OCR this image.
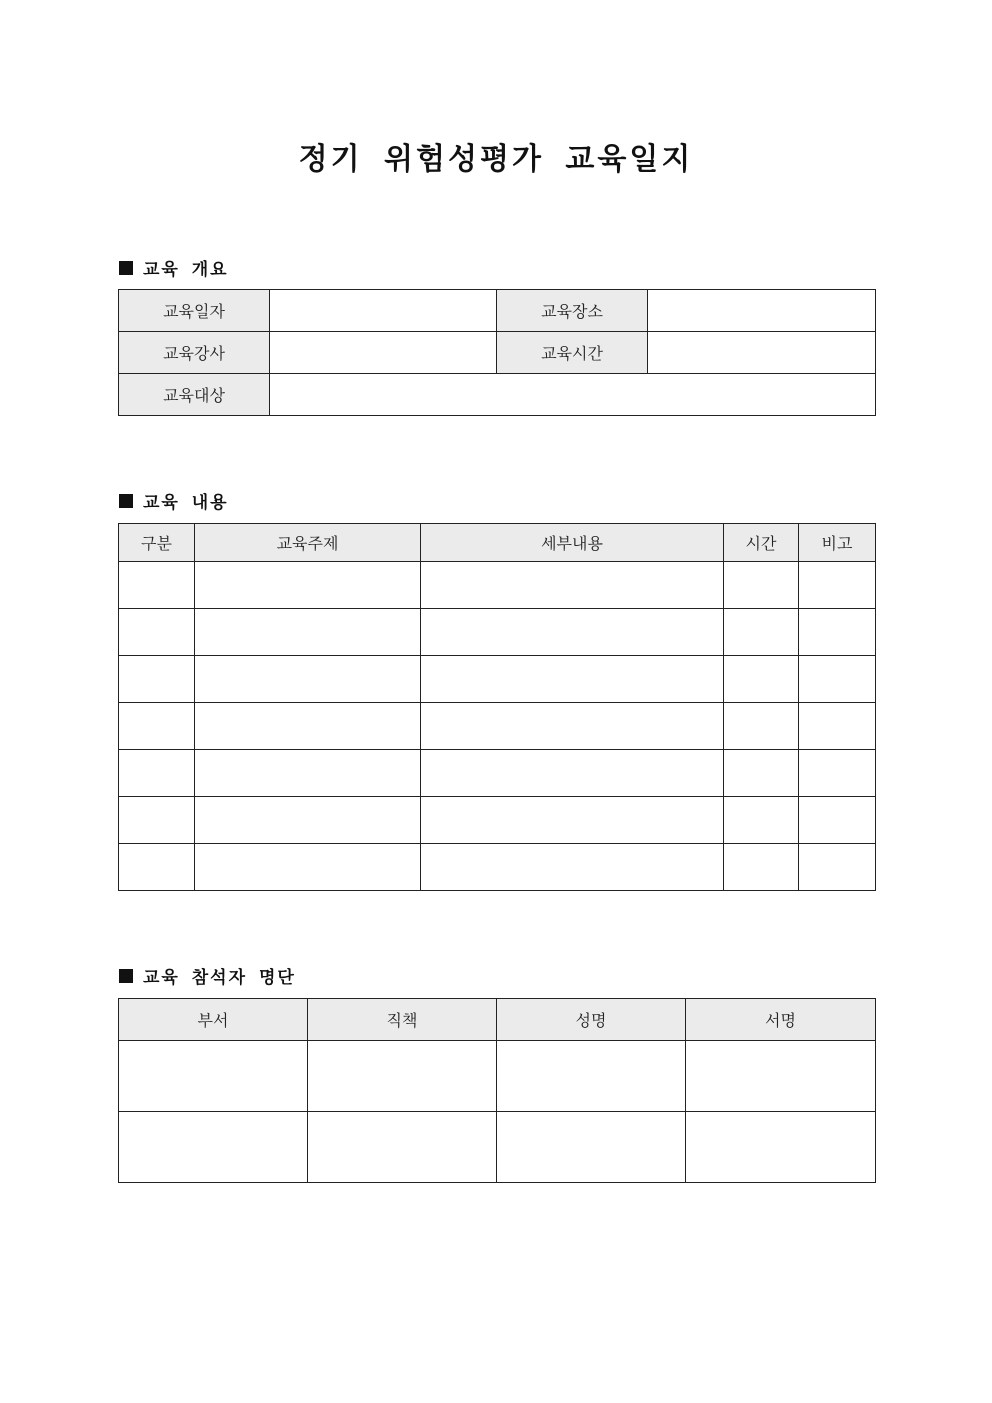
정기 위험성평가 교육일지
교육 개요
교육일자		교육장소	
교육강사		교육시간	
교육대상			
교육 내용
구분	교육주제	세부내용	시간	비고

교육 참석자 명단
부서	직책	성명	서명
